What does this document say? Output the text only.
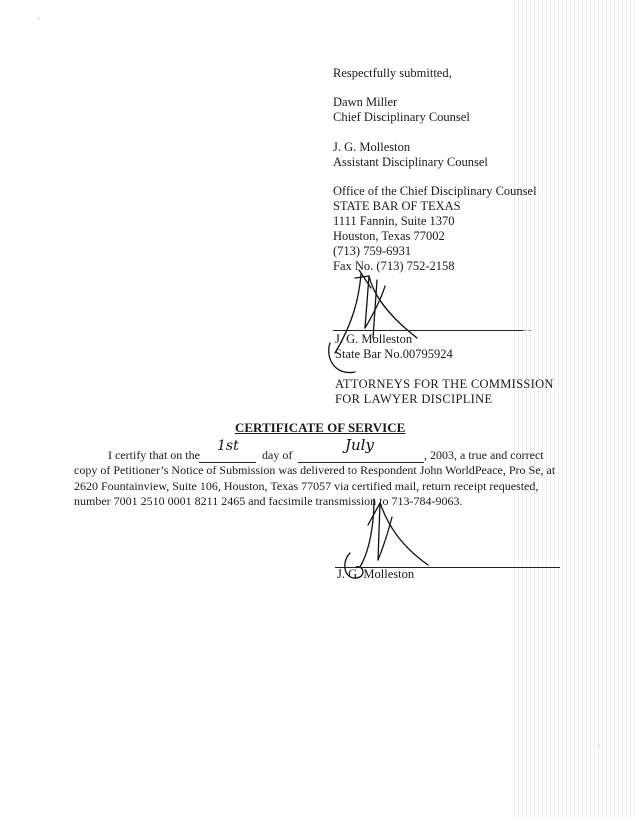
Respectfully submitted,
Dawn Miller
Chief Disciplinary Counsel
J. G. Molleston
Assistant Disciplinary Counsel
Office of the Chief Disciplinary Counsel
STATE BAR OF TEXAS
1111 Fannin, Suite 1370
Houston, Texas 77002
(713) 759-6931
Fax No. (713) 752-2158
J. G. Molleston
State Bar No.00795924
ATTORNEYS FOR THE COMMISSION
FOR LAWYER DISCIPLINE
CERTIFICATE OF SERVICE
I certify that on the
1st
day of
July
, 2003, a true and correct
copy of Petitioner’s Notice of Submission was delivered to Respondent John WorldPeace, Pro Se, at
2620 Fountainview, Suite 106, Houston, Texas 77057 via certified mail, return receipt requested,
number 7001 2510 0001 8211 2465 and facsimile transmission to 713-784-9063.
J. G. Molleston
